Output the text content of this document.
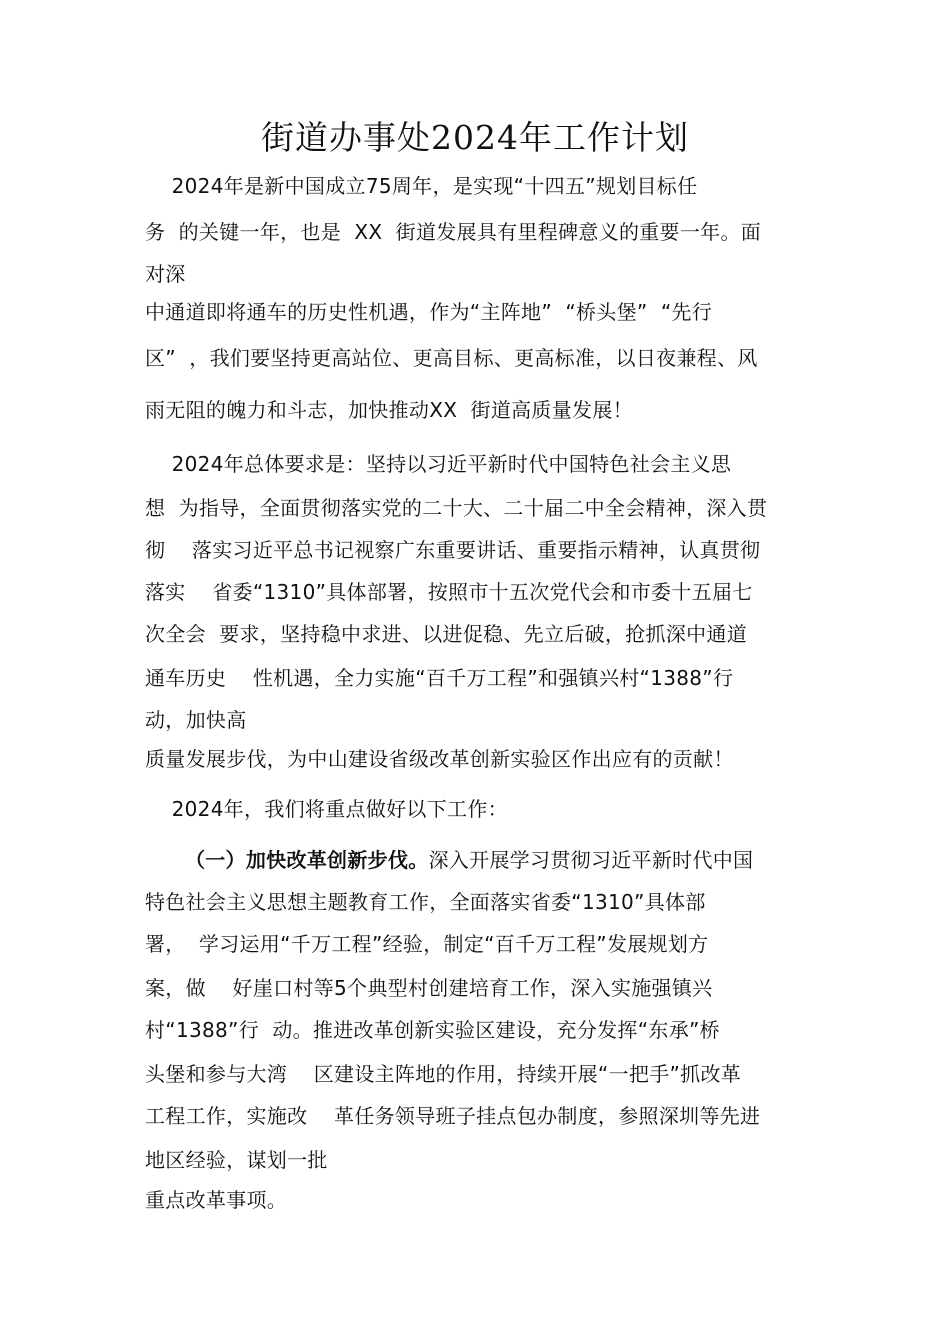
街道办事处2024年工作计划
2024年是新中国成立75周年，是实现“十四五”规划目标任
务  的关键一年，也是  XX  街道发展具有里程碑意义的重要一年。面
对深
中通道即将通车的历史性机遇，作为“主阵地”  “桥头堡”  “先行
区”  ，我们要坚持更高站位、更高目标、更高标准，以日夜兼程、风
雨无阻的魄力和斗志，加快推动XX  街道高质量发展！
2024年总体要求是：坚持以习近平新时代中国特色社会主义思
想  为指导，全面贯彻落实党的二十大、二十届二中全会精神，深入贯
彻    落实习近平总书记视察广东重要讲话、重要指示精神，认真贯彻
落实    省委“1310”具体部署，按照市十五次党代会和市委十五届七
次全会  要求，坚持稳中求进、以进促稳、先立后破，抢抓深中通道
通车历史    性机遇，全力实施“百千万工程”和强镇兴村“1388”行
动，加快高
质量发展步伐，为中山建设省级改革创新实验区作出应有的贡献！
2024年，我们将重点做好以下工作：
（一）加快改革创新步伐。深入开展学习贯彻习近平新时代中国
特色社会主义思想主题教育工作，全面落实省委“1310”具体部
署，  学习运用“千万工程”经验，制定“百千万工程”发展规划方
案，做    好崖口村等5个典型村创建培育工作，深入实施强镇兴
村“1388”行  动。推进改革创新实验区建设，充分发挥“东承”桥
头堡和参与大湾    区建设主阵地的作用，持续开展“一把手”抓改革
工程工作，实施改    革任务领导班子挂点包办制度，参照深圳等先进
地区经验，谋划一批
重点改革事项。
